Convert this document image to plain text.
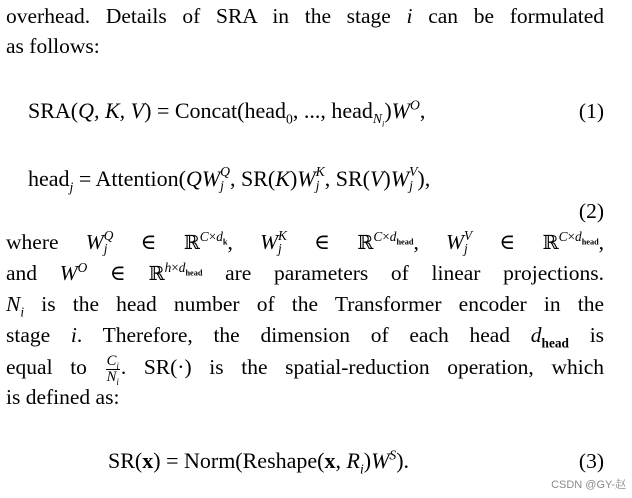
overhead. Details of SRA in the stage i can be formulated
as follows:
SRA(Q, K, V) = Concat(head$_0$, ..., $head_{N_i})W^O$,	(1)
head$_j$ = Attention(QW Q
j , SR(K)W K
j , SR(V)W V
j ),
(2)
where W Q
j ∈ ℝ$^{C\times d_k}$, W K
j ∈ ℝ$^{C\times d_{head}}$, W V
j ∈ ℝ$^{C\times d_{head}}$,
and $W^O$ ∈ ℝ$^{h\times d_{head}}$ are parameters of linear projections.
$N_i$ is the head number of the Transformer encoder in the
stage i. Therefore, the dimension of each head $d_{head}$ is
equal to $\frac{C_i}{N_i}$ . SR(·) is the spatial-reduction operation, which
is defined as:
SR(x) = Norm(Reshape(x, $R_i)W^S$).	(3)
CSDN @GY-赵
